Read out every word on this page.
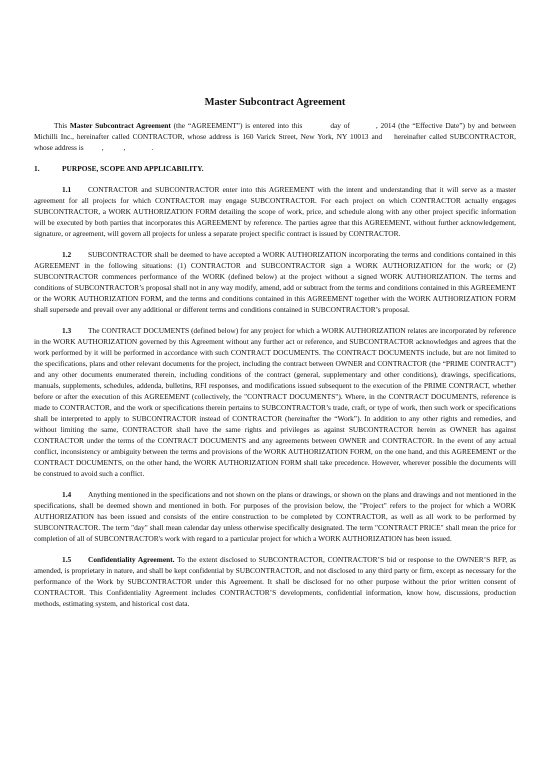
Master Subcontract Agreement
This Master Subcontract Agreement (the “AGREEMENT”) is entered into this	day of	, 2014 (the “Effective Date”) by and between Michilli Inc., hereinafter called CONTRACTOR, whose address is 160 Varick Street, New York, NY 10013 and hereinafter called SUBCONTRACTOR, whose address is ,	,	.
1.	PURPOSE, SCOPE AND APPLICABILITY.
1.1 CONTRACTOR and SUBCONTRACTOR enter into this AGREEMENT with the intent and understanding that it will serve as a master agreement for all projects for which CONTRACTOR may engage SUBCONTRACTOR. For each project on which CONTRACTOR actually engages SUBCONTRACTOR, a WORK AUTHORIZATION FORM detailing the scope of work, price, and schedule along with any other project specific information will be executed by both parties that incorporates this AGREEMENT by reference. The parties agree that this AGREEMENT, without further acknowledgement, signature, or agreement, will govern all projects for unless a separate project specific contract is issued by CONTRACTOR.
1.2 SUBCONTRACTOR shall be deemed to have accepted a WORK AUTHORIZATION incorporating the terms and conditions contained in this AGREEMENT in the following situations: (1) CONTRACTOR and SUBCONTRACTOR sign a WORK AUTHORIZATION for the work; or (2) SUBCONTRACTOR commences performance of the WORK (defined below) at the project without a signed WORK AUTHORIZATION. The terms and conditions of SUBCONTRACTOR’s proposal shall not in any way modify, amend, add or subtract from the terms and conditions contained in this AGREEMENT or the WORK AUTHORIZATION FORM, and the terms and conditions contained in this AGREEMENT together with the WORK AUTHORIZATION FORM shall supersede and prevail over any additional or different terms and conditions contained in SUBCONTRACTOR’s proposal.
1.3 The CONTRACT DOCUMENTS (defined below) for any project for which a WORK AUTHORIZATION relates are incorporated by reference in the WORK AUTHORIZATION governed by this Agreement without any further act or reference, and SUBCONTRACTOR acknowledges and agrees that the work performed by it will be performed in accordance with such CONTRACT DOCUMENTS. The CONTRACT DOCUMENTS include, but are not limited to the specifications, plans and other relevant documents for the project, including the contract between OWNER and CONTRACTOR (the “PRIME CONTRACT”) and any other documents enumerated therein, including conditions of the contract (general, supplementary and other conditions), drawings, specifications, manuals, supplements, schedules, addenda, bulletins, RFI responses, and modifications issued subsequent to the execution of the PRIME CONTRACT, whether before or after the execution of this AGREEMENT (collectively, the "CONTRACT DOCUMENTS"). Where, in the CONTRACT DOCUMENTS, reference is made to CONTRACTOR, and the work or specifications therein pertains to SUBCONTRACTOR’s trade, craft, or type of work, then such work or specifications shall be interpreted to apply to SUBCONTRACTOR instead of CONTRACTOR (hereinafter the “Work”). In addition to any other rights and remedies, and without limiting the same, CONTRACTOR shall have the same rights and privileges as against SUBCONTRACTOR herein as OWNER has against CONTRACTOR under the terms of the CONTRACT DOCUMENTS and any agreements between OWNER and CONTRACTOR. In the event of any actual conflict, inconsistency or ambiguity between the terms and provisions of the WORK AUTHORIZATION FORM, on the one hand, and this AGREEMENT or the CONTRACT DOCUMENTS, on the other hand, the WORK AUTHORIZATION FORM shall take precedence. However, wherever possible the documents will be construed to avoid such a conflict.
1.4 Anything mentioned in the specifications and not shown on the plans or drawings, or shown on the plans and drawings and not mentioned in the specifications, shall be deemed shown and mentioned in both. For purposes of the provision below, the "Project" refers to the project for which a WORK AUTHORIZATION has been issued and consists of the entire construction to be completed by CONTRACTOR, as well as all work to be performed by SUBCONTRACTOR. The term "day" shall mean calendar day unless otherwise specifically designated. The term "CONTRACT PRICE" shall mean the price for completion of all of SUBCONTRACTOR's work with regard to a particular project for which a WORK AUTHORIZATION has been issued.
1.5 Confidentiality Agreement. To the extent disclosed to SUBCONTRACTOR, CONTRACTOR’S bid or response to the OWNER’S RFP, as amended, is proprietary in nature, and shall be kept confidential by SUBCONTRACTOR, and not disclosed to any third party or firm, except as necessary for the performance of the Work by SUBCONTRACTOR under this Agreement. It shall be disclosed for no other purpose without the prior written consent of CONTRACTOR. This Confidentiality Agreement includes CONTRACTOR’S developments, confidential information, know how, discussions, production methods, estimating system, and historical cost data.
